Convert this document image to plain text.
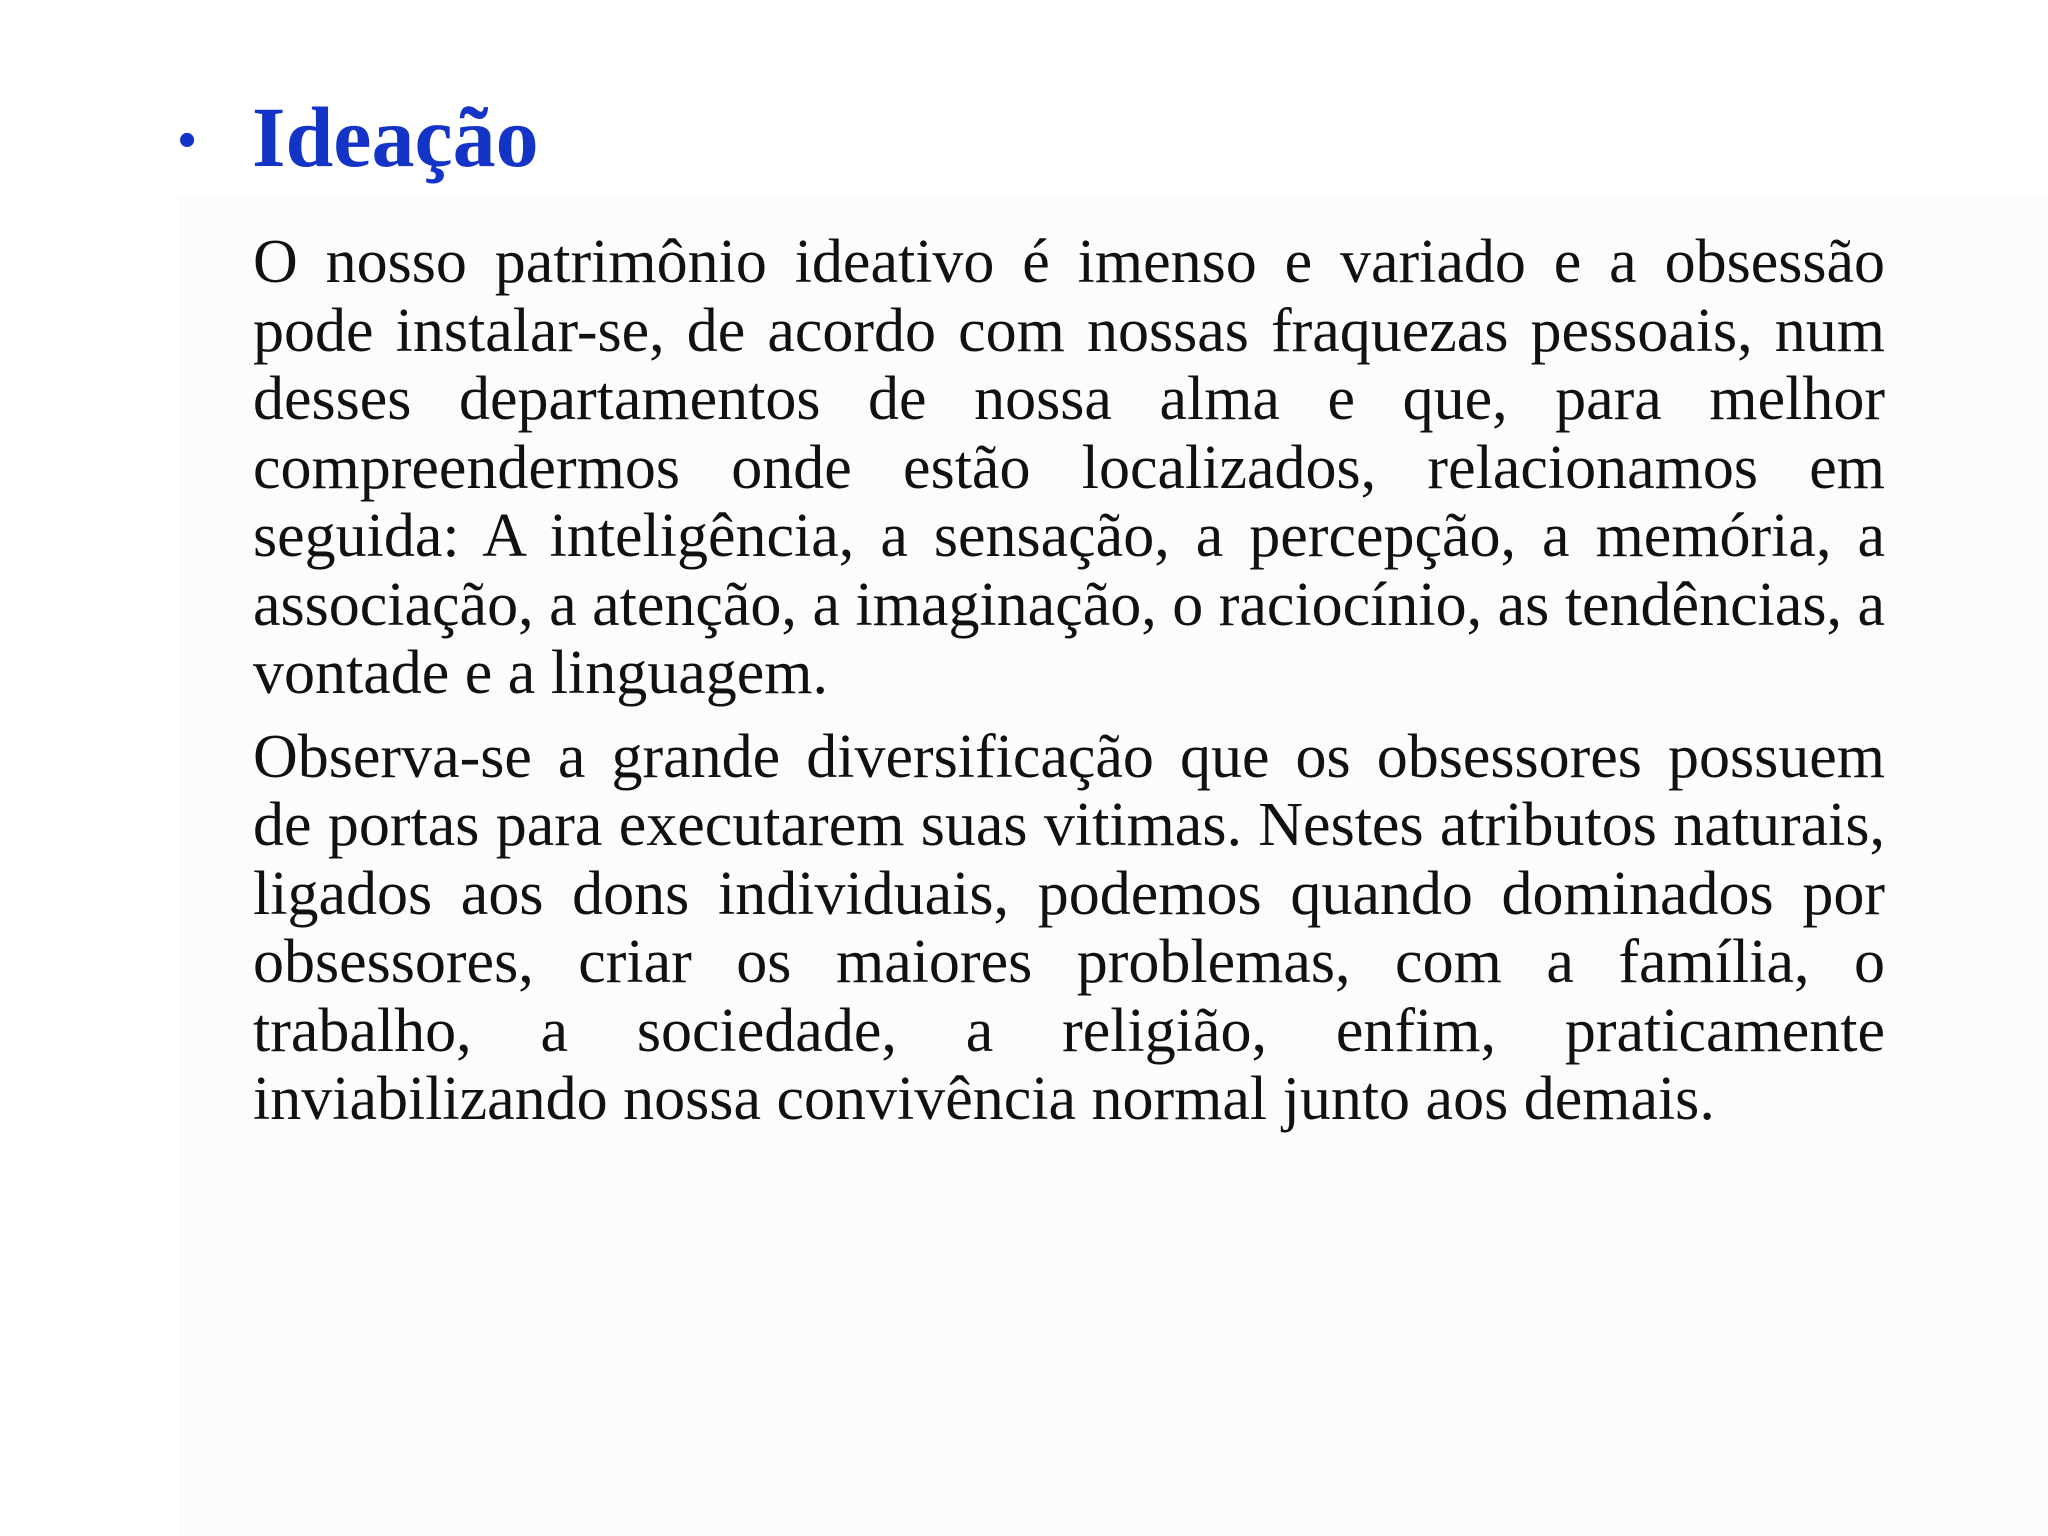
• Ideação

O nosso patrimônio ideativo é imenso e variado e a obsessão pode instalar-se, de acordo com nossas fraquezas pessoais, num desses departamentos de nossa alma e que, para melhor compreendermos onde estão localizados, relacionamos em seguida: A inteligência, a sensação, a percepção, a memória, a associação, a atenção, a imaginação, o raciocínio, as tendências, a vontade e a linguagem.

Observa-se a grande diversificação que os obsessores possuem de portas para executarem suas vitimas. Nestes atributos naturais, ligados aos dons individuais, podemos quando dominados por obsessores, criar os maiores problemas, com a família, o trabalho, a sociedade, a religião, enfim, praticamente inviabilizando nossa convivência normal junto aos demais.
